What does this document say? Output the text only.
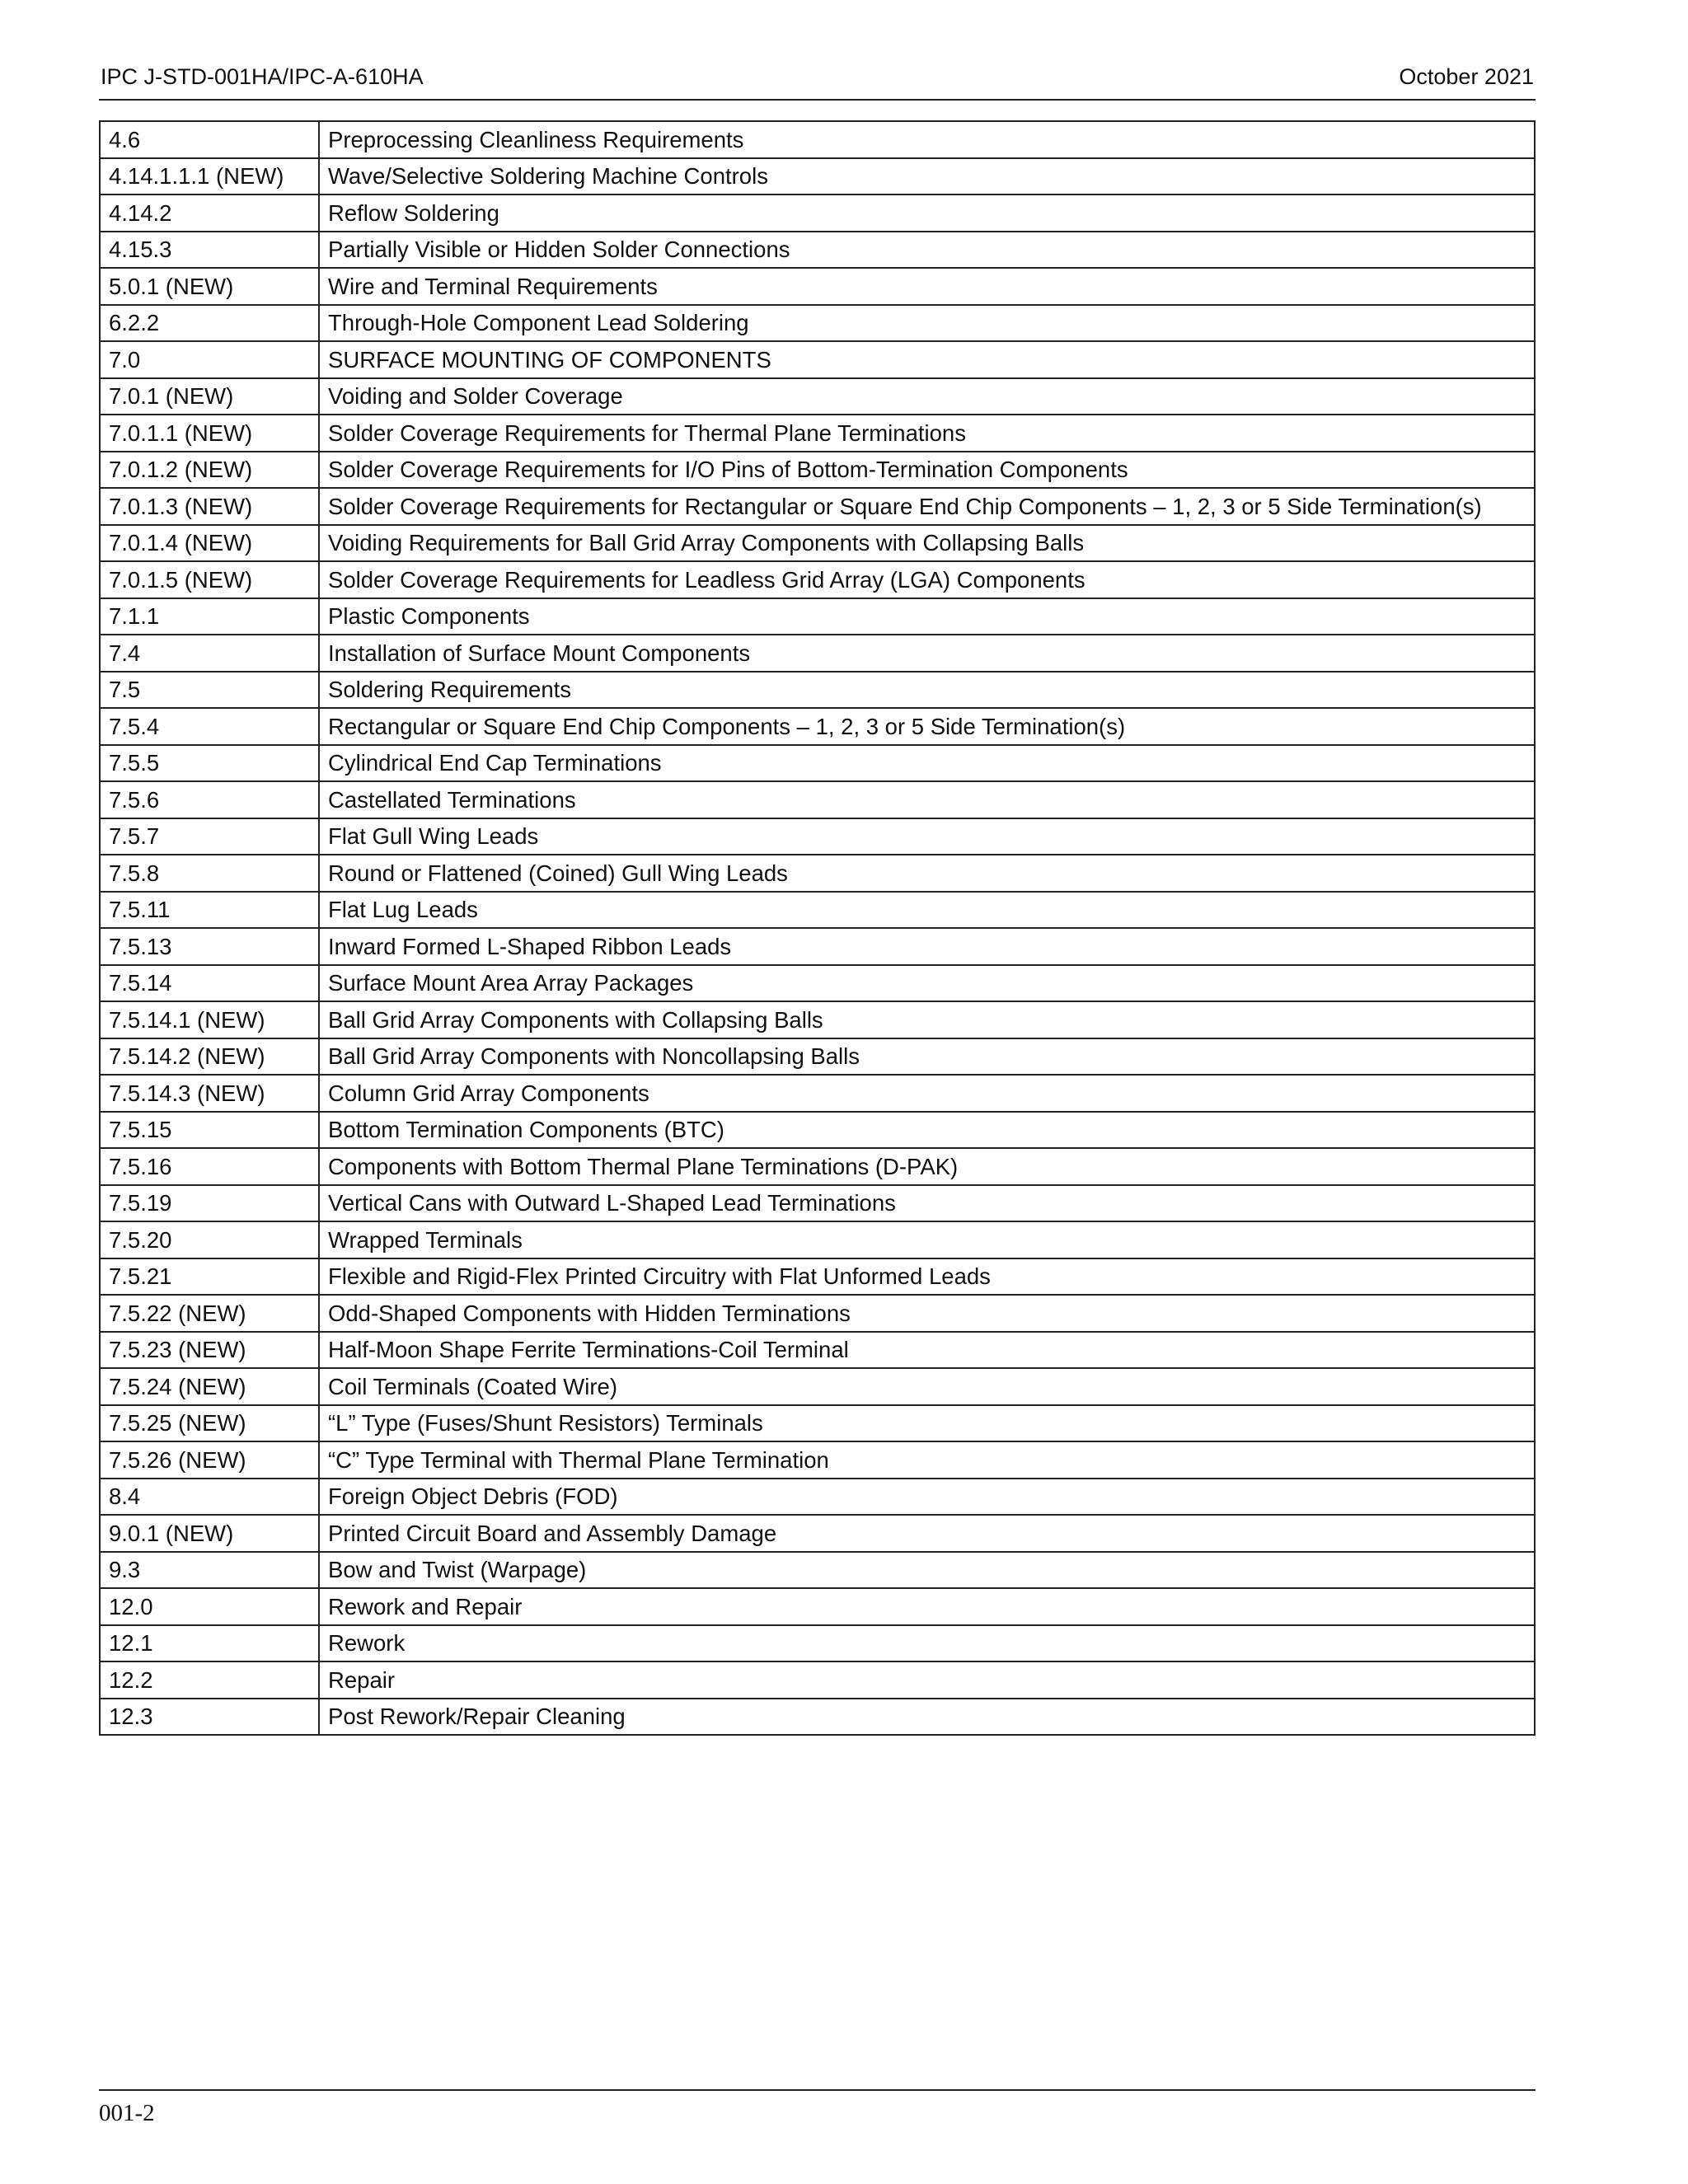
IPC J-STD-001HA/IPC-A-610HA	October 2021
4.6	Preprocessing Cleanliness Requirements
4.14.1.1.1 (NEW)	Wave/Selective Soldering Machine Controls
4.14.2	Reflow Soldering
4.15.3	Partially Visible or Hidden Solder Connections
5.0.1 (NEW)	Wire and Terminal Requirements
6.2.2	Through-Hole Component Lead Soldering
7.0	SURFACE MOUNTING OF COMPONENTS
7.0.1 (NEW)	Voiding and Solder Coverage
7.0.1.1 (NEW)	Solder Coverage Requirements for Thermal Plane Terminations
7.0.1.2 (NEW)	Solder Coverage Requirements for I/O Pins of Bottom-Termination Components
7.0.1.3 (NEW)	Solder Coverage Requirements for Rectangular or Square End Chip Components – 1, 2, 3 or 5 Side Termination(s)
7.0.1.4 (NEW)	Voiding Requirements for Ball Grid Array Components with Collapsing Balls
7.0.1.5 (NEW)	Solder Coverage Requirements for Leadless Grid Array (LGA) Components
7.1.1	Plastic Components
7.4	Installation of Surface Mount Components
7.5	Soldering Requirements
7.5.4	Rectangular or Square End Chip Components – 1, 2, 3 or 5 Side Termination(s)
7.5.5	Cylindrical End Cap Terminations
7.5.6	Castellated Terminations
7.5.7	Flat Gull Wing Leads
7.5.8	Round or Flattened (Coined) Gull Wing Leads
7.5.11	Flat Lug Leads
7.5.13	Inward Formed L-Shaped Ribbon Leads
7.5.14	Surface Mount Area Array Packages
7.5.14.1 (NEW)	Ball Grid Array Components with Collapsing Balls
7.5.14.2 (NEW)	Ball Grid Array Components with Noncollapsing Balls
7.5.14.3 (NEW)	Column Grid Array Components
7.5.15	Bottom Termination Components (BTC)
7.5.16	Components with Bottom Thermal Plane Terminations (D-PAK)
7.5.19	Vertical Cans with Outward L-Shaped Lead Terminations
7.5.20	Wrapped Terminals
7.5.21	Flexible and Rigid-Flex Printed Circuitry with Flat Unformed Leads
7.5.22 (NEW)	Odd-Shaped Components with Hidden Terminations
7.5.23 (NEW)	Half-Moon Shape Ferrite Terminations-Coil Terminal
7.5.24 (NEW)	Coil Terminals (Coated Wire)
7.5.25 (NEW)	“L” Type (Fuses/Shunt Resistors) Terminals
7.5.26 (NEW)	“C” Type Terminal with Thermal Plane Termination
8.4	Foreign Object Debris (FOD)
9.0.1 (NEW)	Printed Circuit Board and Assembly Damage
9.3	Bow and Twist (Warpage)
12.0	Rework and Repair
12.1	Rework
12.2	Repair
12.3	Post Rework/Repair Cleaning
001-2
